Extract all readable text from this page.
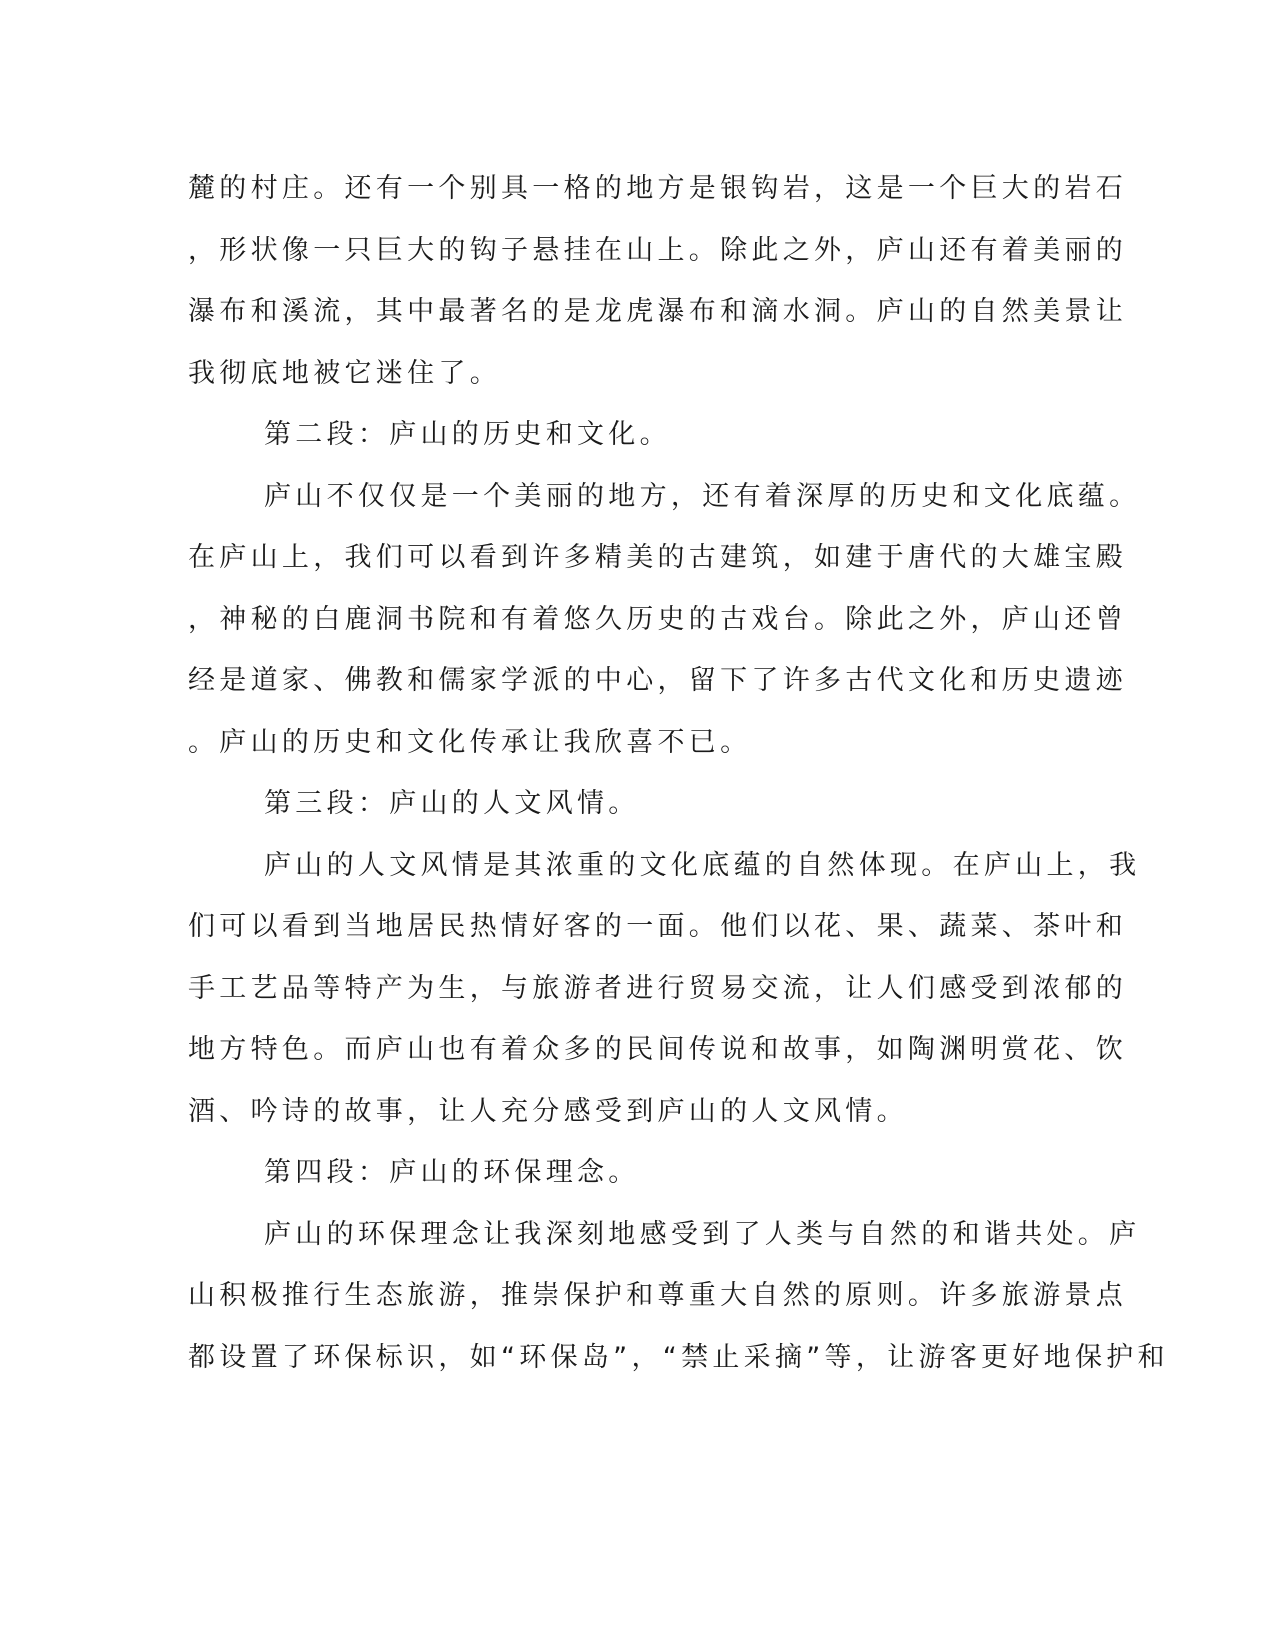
麓的村庄。还有一个别具一格的地方是银钩岩，这是一个巨大的岩石
，形状像一只巨大的钩子悬挂在山上。除此之外，庐山还有着美丽的
瀑布和溪流，其中最著名的是龙虎瀑布和滴水洞。庐山的自然美景让
我彻底地被它迷住了。
第二段：庐山的历史和文化。
庐山不仅仅是一个美丽的地方，还有着深厚的历史和文化底蕴。
在庐山上，我们可以看到许多精美的古建筑，如建于唐代的大雄宝殿
，神秘的白鹿洞书院和有着悠久历史的古戏台。除此之外，庐山还曾
经是道家、佛教和儒家学派的中心，留下了许多古代文化和历史遗迹
。庐山的历史和文化传承让我欣喜不已。
第三段：庐山的人文风情。
庐山的人文风情是其浓重的文化底蕴的自然体现。在庐山上，我
们可以看到当地居民热情好客的一面。他们以花、果、蔬菜、茶叶和
手工艺品等特产为生，与旅游者进行贸易交流，让人们感受到浓郁的
地方特色。而庐山也有着众多的民间传说和故事，如陶渊明赏花、饮
酒、吟诗的故事，让人充分感受到庐山的人文风情。
第四段：庐山的环保理念。
庐山的环保理念让我深刻地感受到了人类与自然的和谐共处。庐
山积极推行生态旅游，推崇保护和尊重大自然的原则。许多旅游景点
都设置了环保标识，如“环保岛”，“禁止采摘”等，让游客更好地保护和
